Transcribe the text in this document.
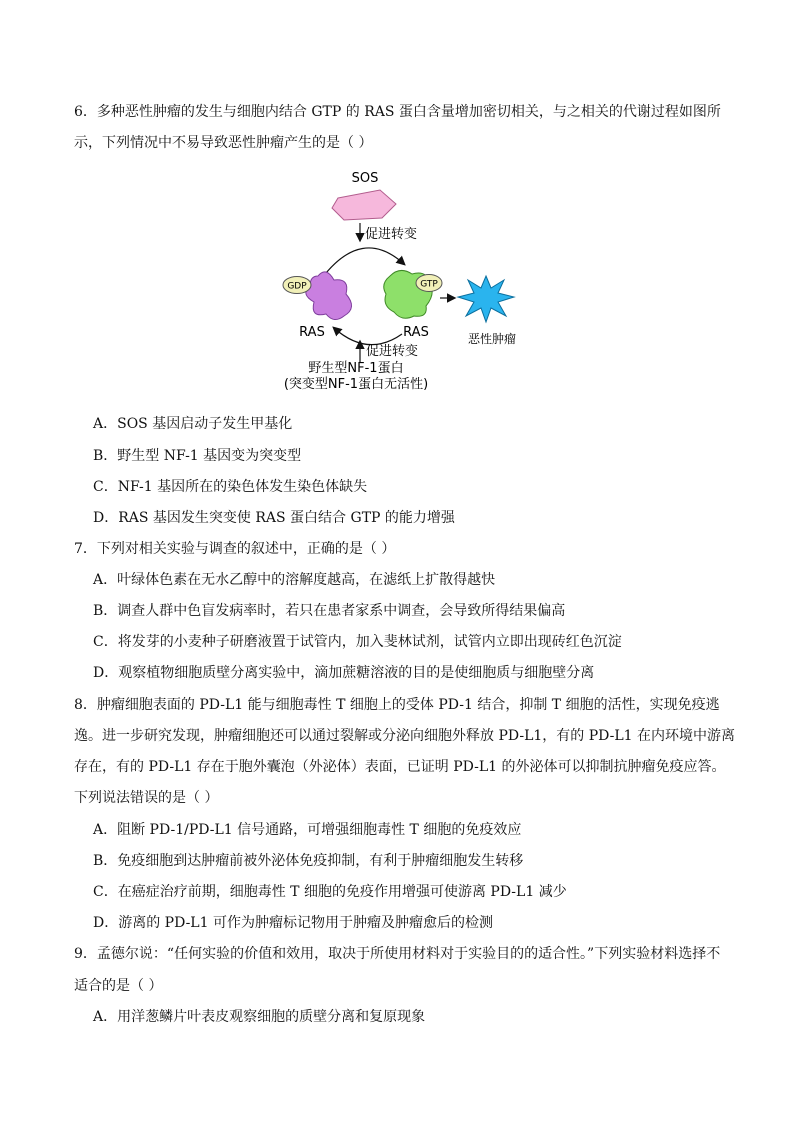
6．多种恶性肿瘤的发生与细胞内结合 GTP 的 RAS 蛋白含量增加密切相关，与之相关的代谢过程如图所
示，下列情况中不易导致恶性肿瘤产生的是（ ）
SOS
促进转变
GDP
RAS
GTP
RAS	恶性肿瘤
促进转变
野生型NF-1蛋白
(突变型NF-1蛋白无活性)
A．SOS 基因启动子发生甲基化
B．野生型 NF-1 基因变为突变型
C．NF-1 基因所在的染色体发生染色体缺失
D．RAS 基因发生突变使 RAS 蛋白结合 GTP 的能力增强
7．下列对相关实验与调查的叙述中，正确的是（ ）
A．叶绿体色素在无水乙醇中的溶解度越高，在滤纸上扩散得越快
B．调查人群中色盲发病率时，若只在患者家系中调查，会导致所得结果偏高
C．将发芽的小麦种子研磨液置于试管内，加入斐林试剂，试管内立即出现砖红色沉淀
D．观察植物细胞质壁分离实验中，滴加蔗糖溶液的目的是使细胞质与细胞壁分离
8．肿瘤细胞表面的 PD-L1 能与细胞毒性 T 细胞上的受体 PD-1 结合，抑制 T 细胞的活性，实现免疫逃
逸。进一步研究发现，肿瘤细胞还可以通过裂解或分泌向细胞外释放 PD-L1，有的 PD-L1 在内环境中游离
存在，有的 PD-L1 存在于胞外囊泡（外泌体）表面，已证明 PD-L1 的外泌体可以抑制抗肿瘤免疫应答。
下列说法错误的是（ ）
A．阻断 PD-1/PD-L1 信号通路，可增强细胞毒性 T 细胞的免疫效应
B．免疫细胞到达肿瘤前被外泌体免疫抑制，有利于肿瘤细胞发生转移
C．在癌症治疗前期，细胞毒性 T 细胞的免疫作用增强可使游离 PD-L1 减少
D．游离的 PD-L1 可作为肿瘤标记物用于肿瘤及肿瘤愈后的检测
9．孟德尔说：“任何实验的价值和效用，取决于所使用材料对于实验目的的适合性。”下列实验材料选择不
适合的是（ ）
A．用洋葱鳞片叶表皮观察细胞的质壁分离和复原现象
